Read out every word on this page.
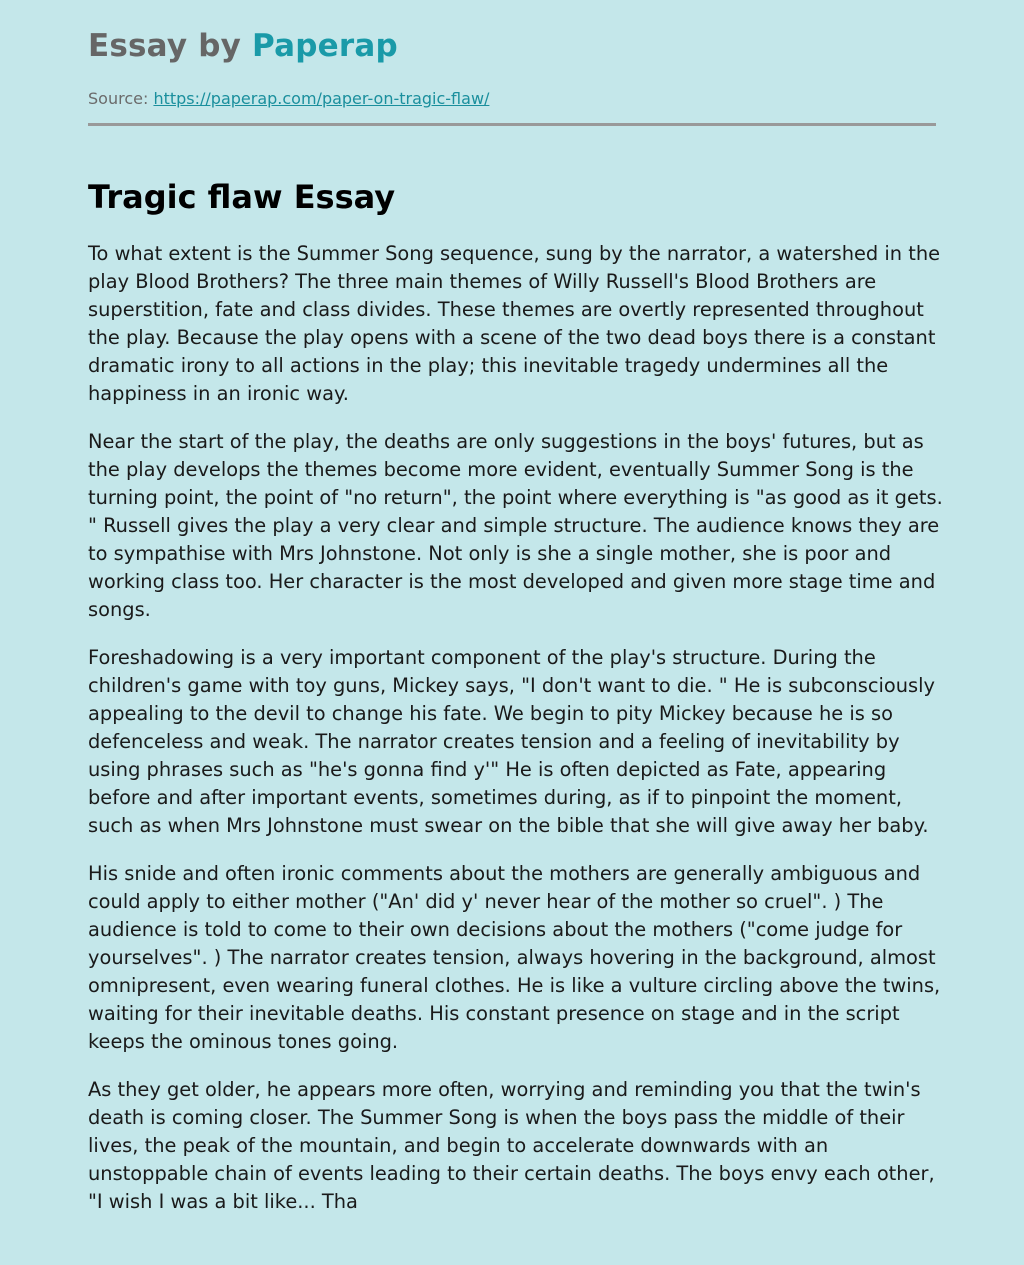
Essay by Paperap
Source: https://paperap.com/paper-on-tragic-flaw/
Tragic flaw Essay

To what extent is the Summer Song sequence, sung by the narrator, a watershed in the play Blood Brothers? The three main themes of Willy Russell's Blood Brothers are superstition, fate and class divides. These themes are overtly represented throughout the play. Because the play opens with a scene of the two dead boys there is a constant dramatic irony to all actions in the play; this inevitable tragedy undermines all the happiness in an ironic way.

Near the start of the play, the deaths are only suggestions in the boys' futures, but as the play develops the themes become more evident, eventually Summer Song is the turning point, the point of "no return", the point where everything is "as good as it gets. " Russell gives the play a very clear and simple structure. The audience knows they are to sympathise with Mrs Johnstone. Not only is she a single mother, she is poor and working class too. Her character is the most developed and given more stage time and songs.

Foreshadowing is a very important component of the play's structure. During the children's game with toy guns, Mickey says, "I don't want to die. " He is subconsciously appealing to the devil to change his fate. We begin to pity Mickey because he is so defenceless and weak. The narrator creates tension and a feeling of inevitability by using phrases such as "he's gonna find y'" He is often depicted as Fate, appearing before and after important events, sometimes during, as if to pinpoint the moment, such as when Mrs Johnstone must swear on the bible that she will give away her baby.

His snide and often ironic comments about the mothers are generally ambiguous and could apply to either mother ("An' did y' never hear of the mother so cruel". ) The audience is told to come to their own decisions about the mothers ("come judge for yourselves". ) The narrator creates tension, always hovering in the background, almost omnipresent, even wearing funeral clothes. He is like a vulture circling above the twins, waiting for their inevitable deaths. His constant presence on stage and in the script keeps the ominous tones going.

As they get older, he appears more often, worrying and reminding you that the twin's death is coming closer. The Summer Song is when the boys pass the middle of their lives, the peak of the mountain, and begin to accelerate downwards with an unstoppable chain of events leading to their certain deaths. The boys envy each other, "I wish I was a bit like... Tha
